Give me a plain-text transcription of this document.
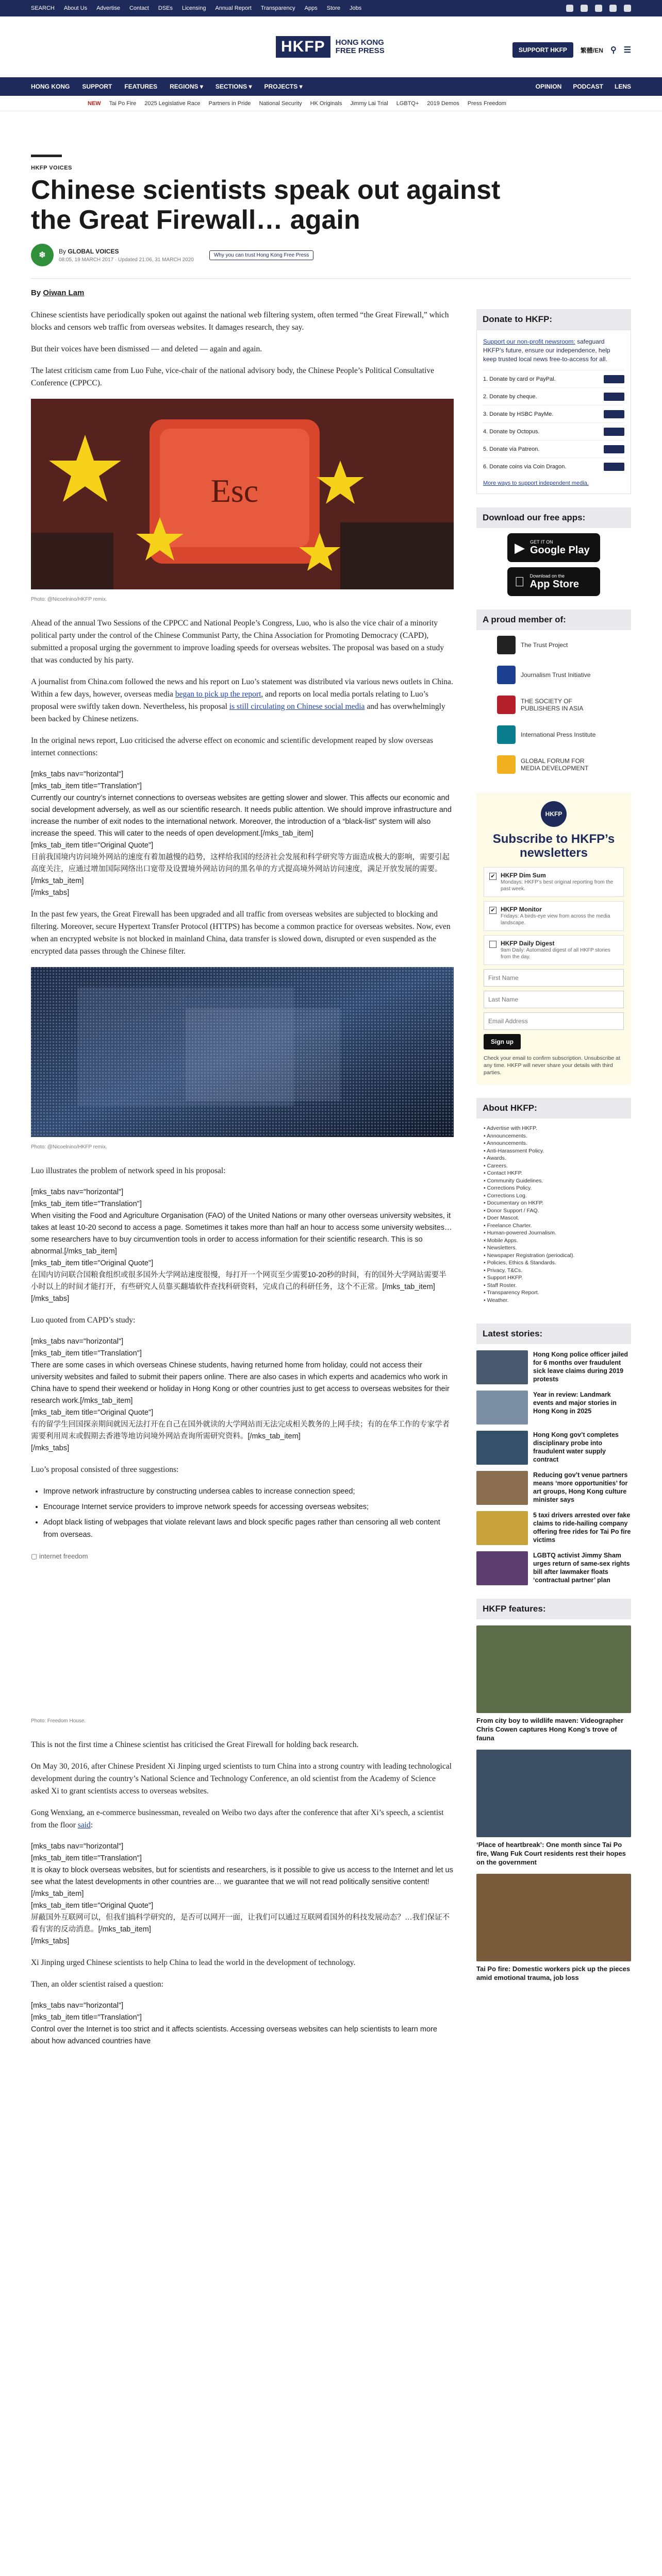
SEARCH About Us Advertise Contact DSEs Licensing Annual Report Transparency Apps Store Jobs
HKFP	HONG KONG
FREE PRESS	SUPPORT HKFP	繁體/EN ⚲ ☰
HONG KONG SUPPORT FEATURES REGIONS ▾ SECTIONS ▾ PROJECTS ▾	OPINION PODCAST LENS
NEW Tai Po Fire 2025 Legislative Race Partners in Pride National Security HK Originals Jimmy Lai Trial LGBTQ+ 2019 Demos Press Freedom
HKFP VOICES
Chinese scientists speak out against the Great Firewall… again
❄	By GLOBAL VOICES
08:05, 19 MARCH 2017 · Updated 21:06, 31 MARCH 2020
Why you can trust Hong Kong Free Press
By Oiwan Lam

Chinese scientists have periodically spoken out against the national web filtering system, often termed “the Great Firewall,” which blocks and censors web traffic from overseas websites. It damages research, they say.

But their voices have been dismissed — and deleted — again and again.

The latest criticism came from Luo Fuhe, vice-chair of the national advisory body, the Chinese People’s Political Consultative Conference (CPPCC).

Esc
Photo: @Nicoelnino/HKFP remix.

Ahead of the annual Two Sessions of the CPPCC and National People’s Congress, Luo, who is also the vice chair of a minority political party under the control of the Chinese Communist Party, the China Association for Promoting Democracy (CAPD), submitted a proposal urging the government to improve loading speeds for overseas websites. The proposal was based on a study that was conducted by his party.

A journalist from China.com followed the news and his report on Luo’s statement was distributed via various news outlets in China. Within a few days, however, overseas media began to pick up the report, and reports on local media portals relating to Luo’s proposal were swiftly taken down. Nevertheless, his proposal is still circulating on Chinese social media and has overwhelmingly been backed by Chinese netizens.

In the original news report, Luo criticised the adverse effect on economic and scientific development reaped by slow overseas internet connections:

[mks_tabs nav="horizontal"]
[mks_tab_item title="Translation"]
Currently our country’s internet connections to overseas websites are getting slower and slower. This affects our economic and social development adversely, as well as our scientific research. It needs public attention. We should improve infrastructure and increase the number of exit nodes to the international network. Moreover, the introduction of a “black-list” system will also increase the speed. This will cater to the needs of open development.[/mks_tab_item]
[mks_tab_item title="Original Quote"]
目前我国境内访问境外网站的速度有着加越慢的趋势，这样给我国的经济社会发展和科学研究等方面造成极大的影响，需要引起高度关注，应通过增加国际网络出口宽带及设置境外网站访问的黑名单的方式提高境外网站访问速度，满足开放发展的需要。[/mks_tab_item]
[/mks_tabs]

In the past few years, the Great Firewall has been upgraded and all traffic from overseas websites are subjected to blocking and filtering. Moreover, secure Hypertext Transfer Protocol (HTTPS) has become a common practice for overseas websites. Now, even when an encrypted website is not blocked in mainland China, data transfer is slowed down, disrupted or even suspended as the encrypted data passes through the Chinese filter.

Photo: @Nicoelnino/HKFP remix.

Luo illustrates the problem of network speed in his proposal:

[mks_tabs nav="horizontal"]
[mks_tab_item title="Translation"]
When visiting the Food and Agriculture Organisation (FAO) of the United Nations or many other overseas university websites, it takes at least 10-20 second to access a page. Sometimes it takes more than half an hour to access some university websites… some researchers have to buy circumvention tools in order to access information for their scientific research. This is so abnormal.[/mks_tab_item]
[mks_tab_item title="Original Quote"]
在国内访问联合国粮食组织或很多国外大学网站速度很慢，每打开一个网页至少需要10-20秒的时间，有的国外大学网站需要半小时以上的时间才能打开，有些研究人员靠买翻墙软件查找科研资料，完成自己的科研任务，这个不正常。[/mks_tab_item]
[/mks_tabs]

Luo quoted from CAPD’s study:

[mks_tabs nav="horizontal"]
[mks_tab_item title="Translation"]
There are some cases in which overseas Chinese students, having returned home from holiday, could not access their university websites and failed to submit their papers online. There are also cases in which experts and academics who work in China have to spend their weekend or holiday in Hong Kong or other countries just to get access to overseas websites for their research work.[/mks_tab_item]
[mks_tab_item title="Original Quote"]
有的留学生回国探亲期间就因无法打开在自己在国外就读的大学网站而无法完成相关教务的上网手续；有的在华工作的专家学者需要利用周末或假期去香港等地访问境外网站查询所需研究资料。[/mks_tab_item]
[/mks_tabs]

Luo’s proposal consisted of three suggestions:

• Improve network infrastructure by constructing undersea cables to increase connection speed;
• Encourage Internet service providers to improve network speeds for accessing overseas websites;
• Adopt black listing of webpages that violate relevant laws and block specific pages rather than censoring all web content from overseas.
▢ internet freedom
Photo: Freedom House.

This is not the first time a Chinese scientist has criticised the Great Firewall for holding back research.

On May 30, 2016, after Chinese President Xi Jinping urged scientists to turn China into a strong country with leading technological development during the country’s National Science and Technology Conference, an old scientist from the Academy of Science asked Xi to grant scientists access to overseas websites.

Gong Wenxiang, an e-commerce businessman, revealed on Weibo two days after the conference that after Xi’s speech, a scientist from the floor said:

[mks_tabs nav="horizontal"]
[mks_tab_item title="Translation"]
It is okay to block overseas websites, but for scientists and researchers, is it possible to give us access to the Internet and let us see what the latest developments in other countries are… we guarantee that we will not read politically sensitive content![/mks_tab_item]
[mks_tab_item title="Original Quote"]
屏蔽国外互联网可以，但我们搞科学研究的，是否可以网开一面，让我们可以通过互联网看国外的科技发展动态？…我们保证不看有害的反动消息。[/mks_tab_item]
[/mks_tabs]

Xi Jinping urged Chinese scientists to help China to lead the world in the development of technology.

Then, an older scientist raised a question:

[mks_tabs nav="horizontal"]
[mks_tab_item title="Translation"]
Control over the Internet is too strict and it affects scientists. Accessing overseas websites can help scientists to learn more about how advanced countries have
Donate to HKFP:
Support our non-profit newsroom: safeguard HKFP’s future, ensure our independence, help keep trusted local news free-to-access for all.
1. Donate by card or PayPal.
2. Donate by cheque.
3. Donate by HSBC PayMe.
4. Donate by Octopus.
5. Donate via Patreon.
6. Donate coins via Coin Dragon.
More ways to support independent media.
Download our free apps:
▶ GET IT ON
Google Play
Download on the
App Store
A proud member of:
The Trust Project
Journalism Trust Initiative
THE SOCIETY OF PUBLISHERS IN ASIA
International Press Institute
GLOBAL FORUM FOR MEDIA DEVELOPMENT
HKFP
Subscribe to HKFP’s newsletters
✔ HKFP Dim Sum
Mondays: HKFP’s best original reporting from the past week.
✔ HKFP Monitor
Fridays: A birds-eye view from across the media landscape.
HKFP Daily Digest
9am Daily: Automated digest of all HKFP stories from the day.
First Name Last Name Email Address Sign up
Check your email to confirm subscription. Unsubscribe at any time. HKFP will never share your details with third parties.
About HKFP:
• Advertise with HKFP.
• Announcements.
• Announcements.
• Anti-Harassment Policy.
• Awards.
• Careers.
• Contact HKFP.
• Community Guidelines.
• Corrections Policy.
• Corrections Log.
• Documentary on HKFP.
• Donor Support / FAQ.
• Doer Mascot.
• Freelance Charter.
• Human-powered Journalism.
• Mobile Apps.
• Newsletters.
• Newspaper Registration (periodical).
• Policies, Ethics & Standards.
• Privacy, T&Cs.
• Support HKFP.
• Staff Roster.
• Transparency Report.
• Weather.
Latest stories:
Hong Kong police officer jailed for 6 months over fraudulent sick leave claims during 2019 protests
Year in review: Landmark events and major stories in Hong Kong in 2025
Hong Kong gov’t completes disciplinary probe into fraudulent water supply contract
Reducing gov’t venue partners means ‘more opportunities’ for art groups, Hong Kong culture minister says
5 taxi drivers arrested over fake claims to ride-hailing company offering free rides for Tai Po fire victims
LGBTQ activist Jimmy Sham urges return of same-sex rights bill after lawmaker floats ‘contractual partner’ plan
HKFP features:
From city boy to wildlife maven: Videographer Chris Cowen captures Hong Kong’s trove of fauna
‘Place of heartbreak’: One month since Tai Po fire, Wang Fuk Court residents rest their hopes on the government
Tai Po fire: Domestic workers pick up the pieces amid emotional trauma, job loss
